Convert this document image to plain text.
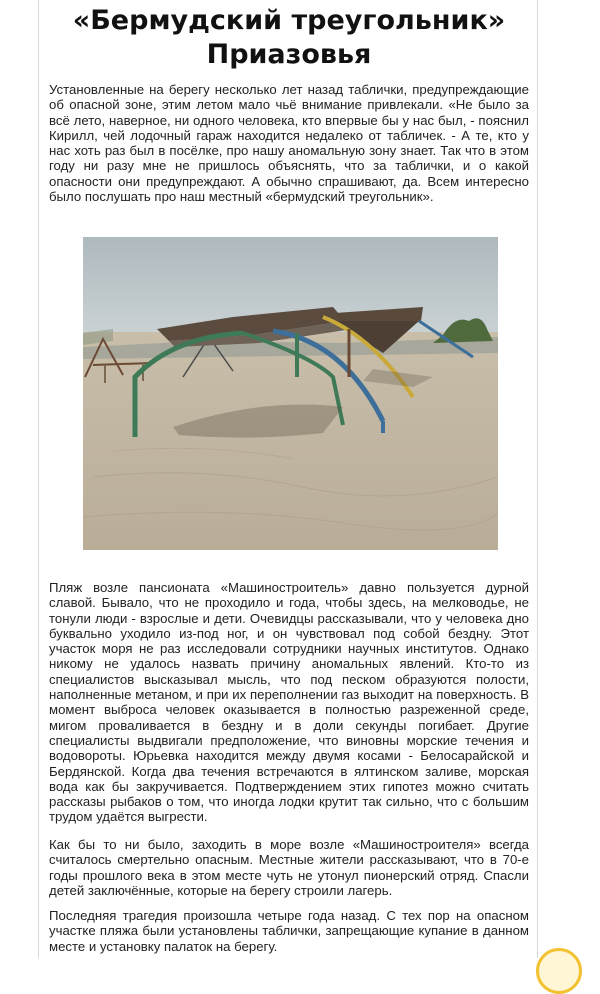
«Бермудский треугольник» Приазовья

Установленные на берегу несколько лет назад таблички, предупреждающие об опасной зоне, этим летом мало чьё внимание привлекали. «Не было за всё лето, наверное, ни одного человека, кто впервые бы у нас был, - пояснил Кирилл, чей лодочный гараж находится недалеко от табличек. - А те, кто у нас хоть раз был в посёлке, про нашу аномальную зону знает. Так что в этом году ни разу мне не пришлось объяснять, что за таблички, и о какой опасности они предупреждают. А обычно спрашивают, да. Всем интересно было послушать про наш местный «бермудский треугольник».

Пляж возле пансионата «Машиностроитель» давно пользуется дурной славой. Бывало, что не проходило и года, чтобы здесь, на мелководье, не тонули люди - взрослые и дети. Очевидцы рассказывали, что у человека дно буквально уходило из-под ног, и он чувствовал под собой бездну. Этот участок моря не раз исследовали сотрудники научных институтов. Однако никому не удалось назвать причину аномальных явлений. Кто-то из специалистов высказывал мысль, что под песком образуются полости, наполненные метаном, и при их переполнении газ выходит на поверхность. В момент выброса человек оказывается в полностью разреженной среде, мигом проваливается в бездну и в доли секунды погибает. Другие специалисты выдвигали предположение, что виновны морские течения и водовороты. Юрьевка находится между двумя косами - Белосарайской и Бердянской. Когда два течения встречаются в ялтинском заливе, морская вода как бы закручивается. Подтверждением этих гипотез можно считать рассказы рыбаков о том, что иногда лодки крутит так сильно, что с большим трудом удаётся выгрести.

Как бы то ни было, заходить в море возле «Машиностроителя» всегда считалось смертельно опасным. Местные жители рассказывают, что в 70-е годы прошлого века в этом месте чуть не утонул пионерский отряд. Спасли детей заключённые, которые на берегу строили лагерь.

Последняя трагедия произошла четыре года назад. С тех пор на опасном участке пляжа были установлены таблички, запрещающие купание в данном месте и установку палаток на берегу.
